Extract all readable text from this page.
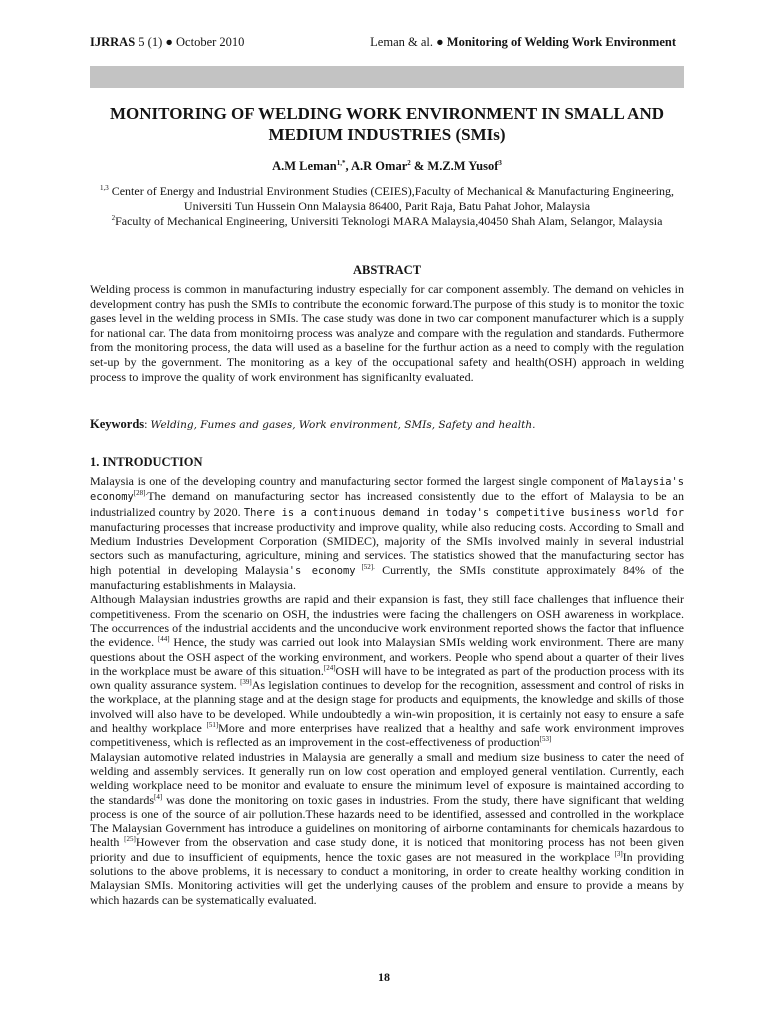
IJRRAS 5 (1) ● October 2010	Leman & al. ● Monitoring of Welding Work Environment
MONITORING OF WELDING WORK ENVIRONMENT IN SMALL AND MEDIUM INDUSTRIES (SMIs)
A.M Leman$^{1,*}$, A.R Omar$^2$ & M.Z.M Yusof$^3$
$^{1,3}$ Center of Energy and Industrial Environment Studies (CEIES),Faculty of Mechanical & Manufacturing Engineering, Universiti Tun Hussein Onn Malaysia 86400, Parit Raja, Batu Pahat Johor, Malaysia
$^2$Faculty of Mechanical Engineering, Universiti Teknologi MARA Malaysia,40450 Shah Alam, Selangor, Malaysia
ABSTRACT
Welding process is common in manufacturing industry especially for car component assembly. The demand on vehicles in development contry has push the SMIs to contribute the economic forward.The purpose of this study is to monitor the toxic gases level in the welding process in SMIs. The case study was done in two car component manufacturer which is a supply for national car. The data from monitoirng process was analyze and compare with the regulation and standards. Futhermore from the monitoring process, the data will used as a baseline for the furthur action as a need to comply with the regulation set-up by the government. The monitoring as a key of the occupational safety and health(OSH) approach in welding process to improve the quality of work environment has significanlty evaluated.
Keywords: Welding, Fumes and gases, Work environment, SMIs, Safety and health.
1. INTRODUCTION

Malaysia is one of the developing country and manufacturing sector formed the largest single component of Malaysia's economy$^{[28].}$The demand on manufacturing sector has increased consistently due to the effort of Malaysia to be an industrialized country by 2020. There is a continuous demand in today's competitive business world for manufacturing processes that increase productivity and improve quality, while also reducing costs. According to Small and Medium Industries Development Corporation (SMIDEC), majority of the SMIs involved mainly in several industrial sectors such as manufacturing, agriculture, mining and services. The statistics showed that the manufacturing sector has high potential in developing Malaysia's economy $^{[52].}$ Currently, the SMIs constitute approximately 84% of the manufacturing establishments in Malaysia.

Although Malaysian industries growths are rapid and their expansion is fast, they still face challenges that influence their competitiveness. From the scenario on OSH, the industries were facing the challengers on OSH awareness in workplace. The occurrences of the industrial accidents and the unconducive work environment reported shows the factor that influence the evidence. [44] Hence, the study was carried out look into Malaysian SMIs welding work environment. There are many questions about the OSH aspect of the working environment, and workers. People who spend about a quarter of their lives in the workplace must be aware of this situation.[24]OSH will have to be integrated as part of the production process with its own quality assurance system. [39]As legislation continues to develop for the recognition, assessment and control of risks in the workplace, at the planning stage and at the design stage for products and equipments, the knowledge and skills of those involved will also have to be developed. While undoubtedly a win-win proposition, it is certainly not easy to ensure a safe and healthy workplace [51]More and more enterprises have realized that a healthy and safe work environment improves competitiveness, which is reflected as an improvement in the cost-effectiveness of production[53]

Malaysian automotive related industries in Malaysia are generally a small and medium size business to cater the need of welding and assembly services. It generally run on low cost operation and employed general ventilation. Currently, each welding workplace need to be monitor and evaluate to ensure the minimum level of exposure is maintained according to the standards[4] was done the monitoring on toxic gases in industries. From the study, there have significant that welding process is one of the source of air pollution.These hazards need to be identified, assessed and controlled in the workplace The Malaysian Government has introduce a guidelines on monitoring of airborne contaminants for chemicals hazardous to health [25]However from the observation and case study done, it is noticed that monitoring process has not been given priority and due to insufficient of equipments, hence the toxic gases are not measured in the workplace [3]In providing solutions to the above problems, it is necessary to conduct a monitoring, in order to create healthy working condition in Malaysian SMIs. Monitoring activities will get the underlying causes of the problem and ensure to provide a means by which hazards can be systematically evaluated.

18
